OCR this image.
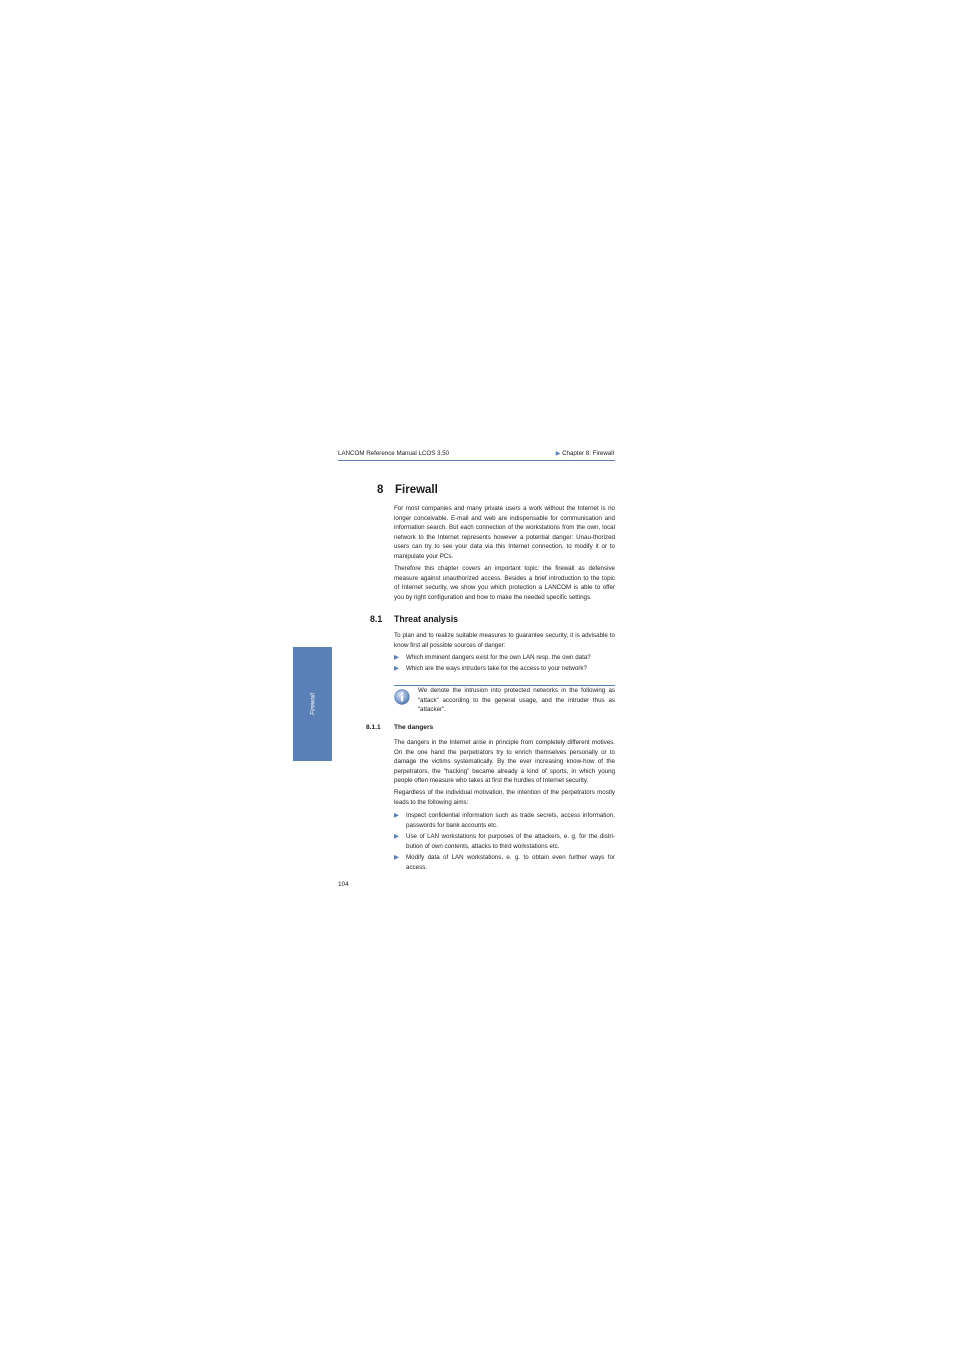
LANCOM Reference Manual LCOS 3.50	▶ Chapter 8: Firewall
Firewall
8 Firewall
For most companies and many private users a work without the Internet is no longer conceivable. E-mail and web are indispensable for communication and information search. But each connection of the workstations from the own, local network to the Internet represents however a potential danger: Unau-thorized users can try to see your data via this Internet connection, to modify it or to manipulate your PCs.
Therefore this chapter covers an important topic: the firewall as defensive measure against unauthorized access. Besides a brief introduction to the topic of Internet security, we show you which protection a LANCOM is able to offer you by right configuration and how to make the needed specific settings.
8.1 Threat analysis
To plan and to realize suitable measures to guarantee security, it is advisable to know first all possible sources of danger:
▶ Which imminent dangers exist for the own LAN resp. the own data?
▶ Which are the ways intruders take for the access to your network?
We denote the intrusion into protected networks in the following as “attack” according to the general usage, and the intruder thus as “attacker”.
8.1.1 The dangers
The dangers in the Internet arise in principle from completely different motives. On the one hand the perpetrators try to enrich themselves personally or to damage the victims systematically. By the ever increasing know-how of the perpetrators, the “hacking” became already a kind of sports, in which young people often measure who takes at first the hurdles of Internet security.
Regardless of the individual motivation, the intention of the perpetrators mostly leads to the following aims:
▶ Inspect confidential information such as trade secrets, access information, passwords for bank accounts etc.
▶ Use of LAN workstations for purposes of the attackers, e. g. for the distri-bution of own contents, attacks to third workstations etc.
▶ Modify data of LAN workstations, e. g. to obtain even further ways for access.
104
